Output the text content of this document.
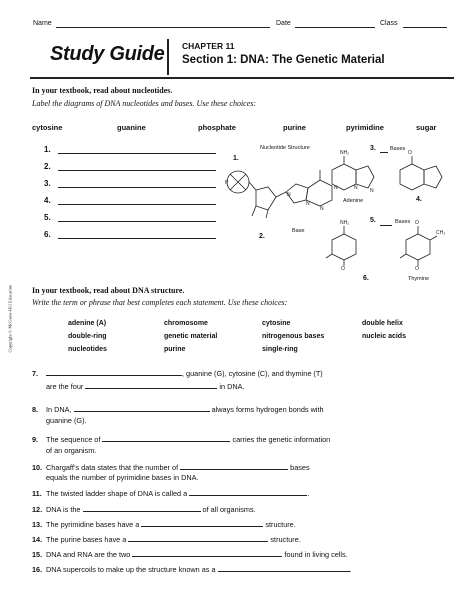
Name	Date	Class
Study Guide CHAPTER 11
Section 1: DNA: The Genetic Material
In your textbook, read about nucleotides.
Label the diagrams of DNA nucleotides and bases. Use these choices:
cytosine	guanine	phosphate	purine	pyrimidine	sugar
1.
2.
3.
4.
5.
6.
N
N
N
N	N N
NH₂
NH₂
O
O
O
CH₃
O
P
Nucleotide Structure
1.
2.
Base
3.	Bases
Adenine	4.
5.	Bases
6.	Thymine
Copyright © McGraw-Hill Education In your textbook, read about DNA structure.
Write the term or phrase that best completes each statement. Use these choices:
adenine (A)	chromosome	cytosine	double helix
double-ring	genetic material	nitrogenous bases	nucleic acids
nucleotides	purine	single-ring
7.	, guanine (G), cytosine (C), and thymine (T)
are the four	in DNA.
8. In DNA,	always forms hydrogen bonds with
guanine (G).
9. The sequence of	carries the genetic information
of an organism.
10. Chargaff’s data states that the number of	bases
equals the number of pyrimidine bases in DNA.
11. The twisted ladder shape of DNA is called a	.
12. DNA is the	of all organisms.
13. The pyrimidine bases have a	structure.
14. The purine bases have a	structure.
15. DNA and RNA are the two	found in living cells.
16. DNA supercoils to make up the structure known as a	.
